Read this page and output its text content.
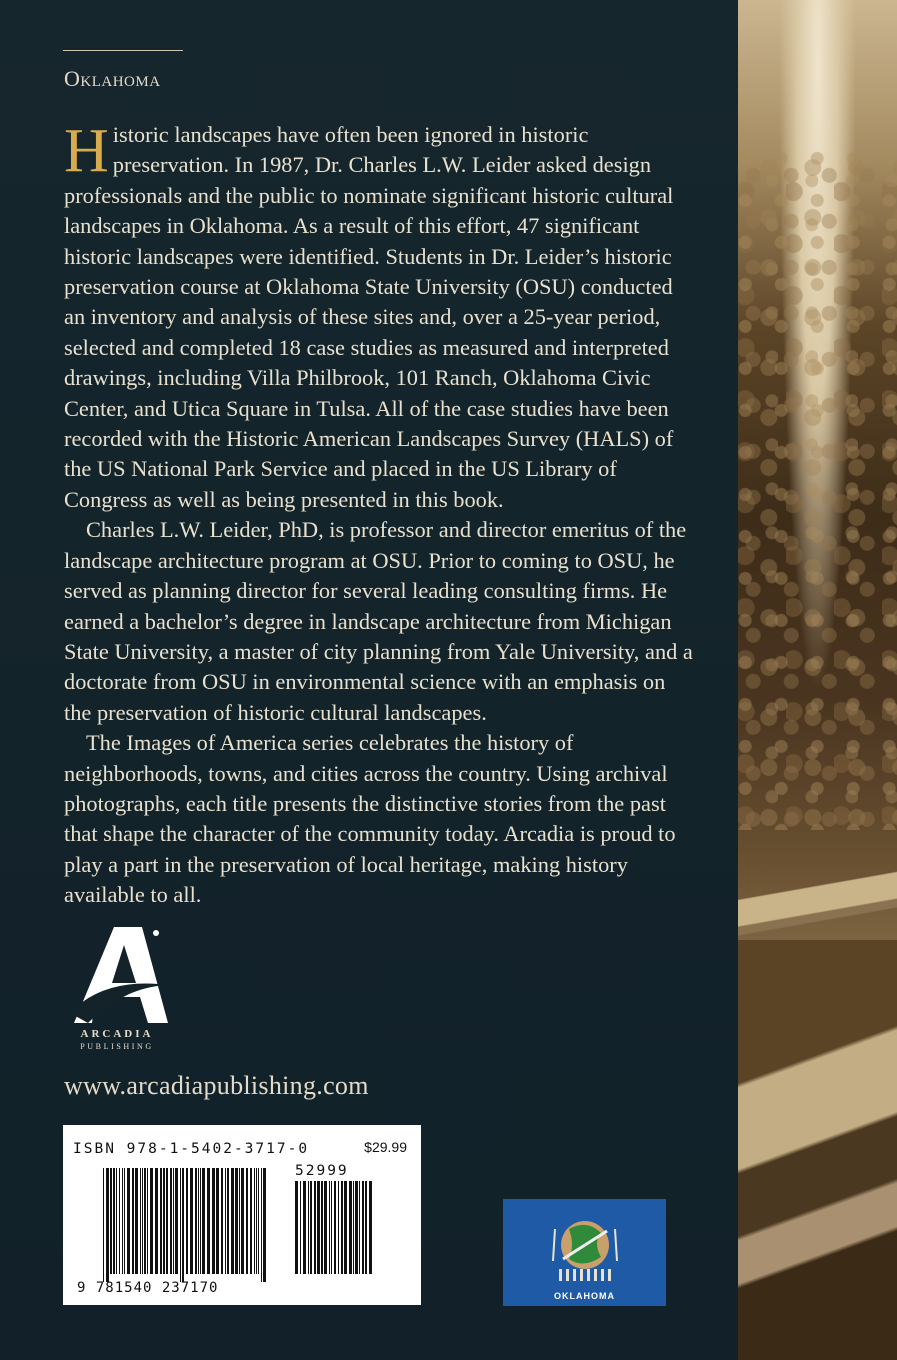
Oklahoma

Historic landscapes have often been ignored in historic preservation. In 1987, Dr. Charles L.W. Leider asked design professionals and the public to nominate significant historic cultural landscapes in Oklahoma. As a result of this effort, 47 significant historic landscapes were identified. Students in Dr. Leider’s historic preservation course at Oklahoma State University (OSU) conducted an inventory and analysis of these sites and, over a 25-year period, selected and completed 18 case studies as measured and interpreted drawings, including Villa Philbrook, 101 Ranch, Oklahoma Civic Center, and Utica Square in Tulsa. All of the case studies have been recorded with the Historic American Landscapes Survey (HALS) of the US National Park Service and placed in the US Library of Congress as well as being presented in this book.

Charles L.W. Leider, PhD, is professor and director emeritus of the landscape architecture program at OSU. Prior to coming to OSU, he served as planning director for several leading consulting firms. He earned a bachelor’s degree in landscape architecture from Michigan State University, a master of city planning from Yale University, and a doctorate from OSU in environmental science with an emphasis on the preservation of historic cultural landscapes.

The Images of America series celebrates the history of neighborhoods, towns, and cities across the country. Using archival photographs, each title presents the distinctive stories from the past that shape the character of the community today. Arcadia is proud to play a part in the preservation of local heritage, making history available to all.

ARCADIA
PUBLISHING
www.arcadiapublishing.com
ISBN 978-1-5402-3717-0	$29.99
52999
9 781540 237170	OKLAHOMA
